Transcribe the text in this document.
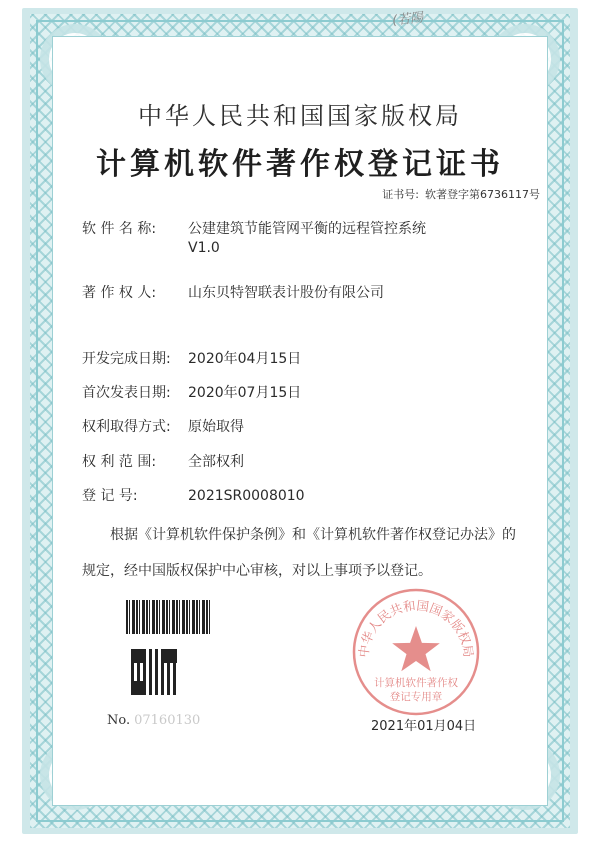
(若陽
中华人民共和国国家版权局
计算机软件著作权登记证书
证书号: 软著登字第6736117号
软 件 名 称: 公建建筑节能管网平衡的远程管控系统
V1.0
著 作 权 人: 山东贝特智联表计股份有限公司
开发完成日期: 2020年04月15日
首次发表日期: 2020年07月15日
权利取得方式: 原始取得
权 利 范 围: 全部权利
登 记 号:	2021SR0008010
根据《计算机软件保护条例》和《计算机软件著作权登记办法》的
规定，经中国版权保护中心审核，对以上事项予以登记。
No. 07160130
中华人民共和国国家版权局
计算机软件著作权
登记专用章
2021年01月04日
